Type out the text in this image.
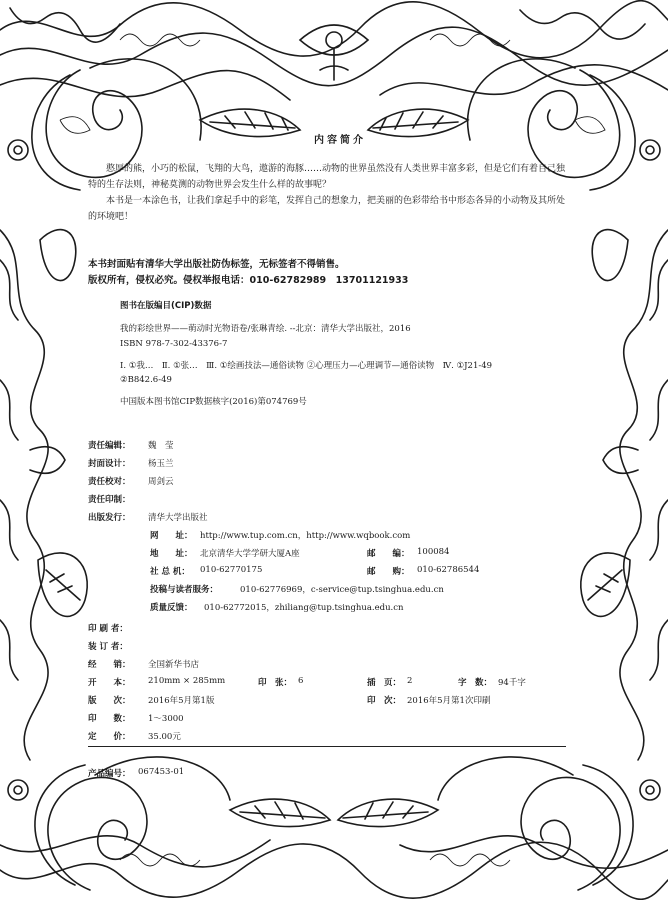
内容简介
憨厚的熊，小巧的松鼠，飞翔的大鸟，遨游的海豚……动物的世界虽然没有人类世界丰富多彩，但是它们有着自己独特的生存法则，神秘莫测的动物世界会发生什么样的故事呢？
本书是一本涂色书，让我们拿起手中的彩笔，发挥自己的想象力，把美丽的色彩带给书中形态各异的小动物及其所处的环境吧！
本书封面贴有清华大学出版社防伪标签，无标签者不得销售。
版权所有，侵权必究。侵权举报电话：010-62782989　13701121933
图书在版编目(CIP)数据
我的彩绘世界——萌动时光物语卷/张琳青绘. --北京：清华大学出版社，2016
ISBN 978-7-302-43376-7
Ⅰ. ①我…　Ⅱ. ①张…　Ⅲ. ①绘画技法—通俗读物 ②心理压力—心理调节—通俗读物　Ⅳ. ①J21-49
②B842.6-49
中国版本图书馆CIP数据核字(2016)第074769号
责任编辑： 魏　莹
封面设计： 杨玉兰
责任校对： 周剑云
责任印制：
出版发行： 清华大学出版社
网　　址： http://www.tup.com.cn，http://www.wqbook.com
地　　址： 北京清华大学学研大厦A座	邮　　编： 100084
社 总 机： 010-62770175	邮　　购： 010-62786544
投稿与读者服务：	010-62776969，c-service@tup.tsinghua.edu.cn
质量反馈： 010-62772015，zhiliang@tup.tsinghua.edu.cn
印 刷 者：
装 订 者：
经　　销： 全国新华书店
开　　本： 210mm × 285mm	印　张： 6	插　页： 2	字　数： 94千字
版　　次： 2016年5月第1版	印　次： 2016年5月第1次印刷
印　　数： 1～3000
定　　价： 35.00元
产品编号： 067453-01
